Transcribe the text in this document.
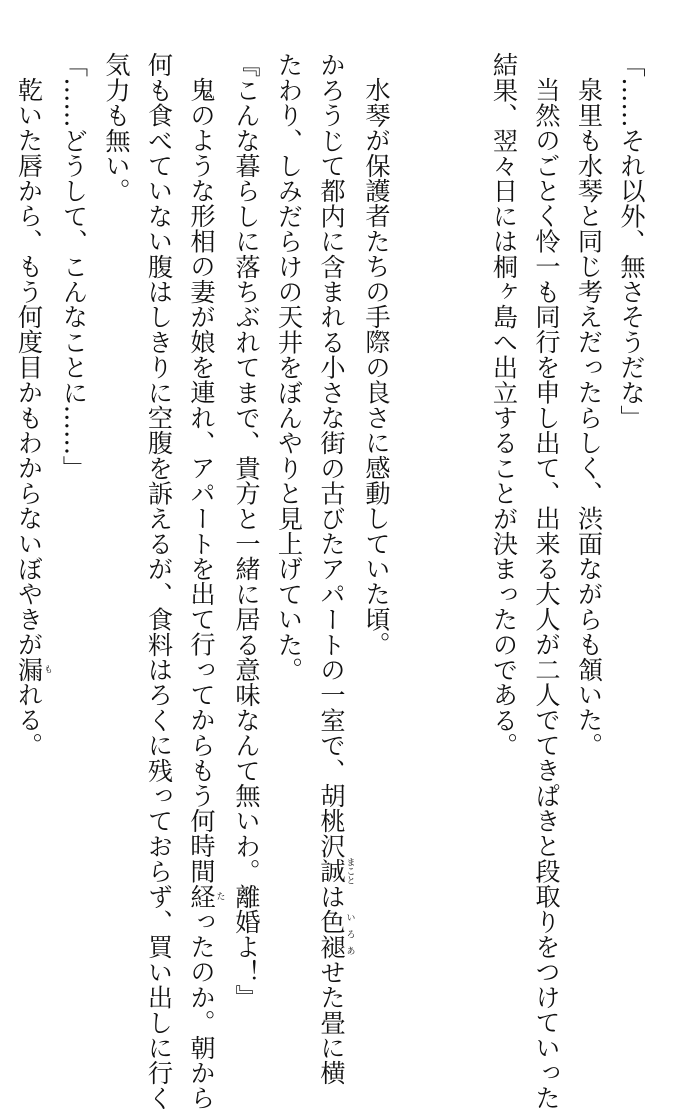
「……それ以外、無さそうだな」
泉里も水琴と同じ考えだったらしく、渋面ながらも頷いた。
当然のごとく怜一も同行を申し出て、出来る大人が二人でてきぱきと段取りをつけていった
結果、翌々日には桐ヶ島へ出立することが決まったのである。

水琴が保護者たちの手際の良さに感動していた頃。
かろうじて都内に含まれる小さな街の古びたアパートの一室で、胡桃沢誠まことは色褪いろあせた畳に横
たわり、しみだらけの天井をぼんやりと見上げていた。
『こんな暮らしに落ちぶれてまで、貴方と一緒に居る意味なんて無いわ。離婚よ！』
鬼のような形相の妻が娘を連れ、アパートを出て行ってからもう何時間経たったのか。朝から
何も食べていない腹はしきりに空腹を訴えるが、食料はろくに残っておらず、買い出しに行く
気力も無い。
「……どうして、こんなことに……」
乾いた唇から、もう何度目かもわからないぼやきが漏もれる。
